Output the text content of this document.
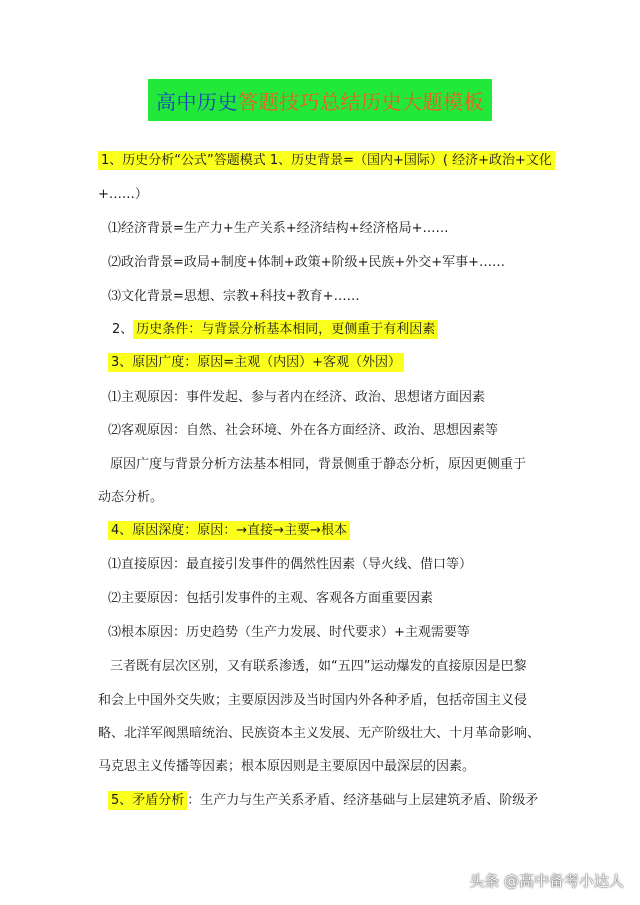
高中历史 答题技巧总结历史大题模板
1、历史分析“公式”答题模式 1、历史背景=（国内+国际）( 经济+政治+文化
+……）
⑴经济背景=生产力+生产关系+经济结构+经济格局+……
⑵政治背景=政局+制度+体制+政策+阶级+民族+外交+军事+……
⑶文化背景=思想、宗教+科技+教育+……
2、 历史条件：与背景分析基本相同，更侧重于有利因素
3、原因广度：原因=主观（内因）+客观（外因）
⑴主观原因：事件发起、参与者内在经济、政治、思想诸方面因素
⑵客观原因：自然、社会环境、外在各方面经济、政治、思想因素等
原因广度与背景分析方法基本相同，背景侧重于静态分析，原因更侧重于
动态分析。
4、原因深度：原因：→直接→主要→根本
⑴直接原因：最直接引发事件的偶然性因素（导火线、借口等）
⑵主要原因：包括引发事件的主观、客观各方面重要因素
⑶根本原因：历史趋势（生产力发展、时代要求）+主观需要等
三者既有层次区别，又有联系渗透，如“五四”运动爆发的直接原因是巴黎
和会上中国外交失败；主要原因涉及当时国内外各种矛盾，包括帝国主义侵
略、北洋军阀黑暗统治、民族资本主义发展、无产阶级壮大、十月革命影响、
马克思主义传播等因素；根本原因则是主要原因中最深层的因素。
5、矛盾分析 ：生产力与生产关系矛盾、经济基础与上层建筑矛盾、阶级矛
头条 @高中备考小达人
